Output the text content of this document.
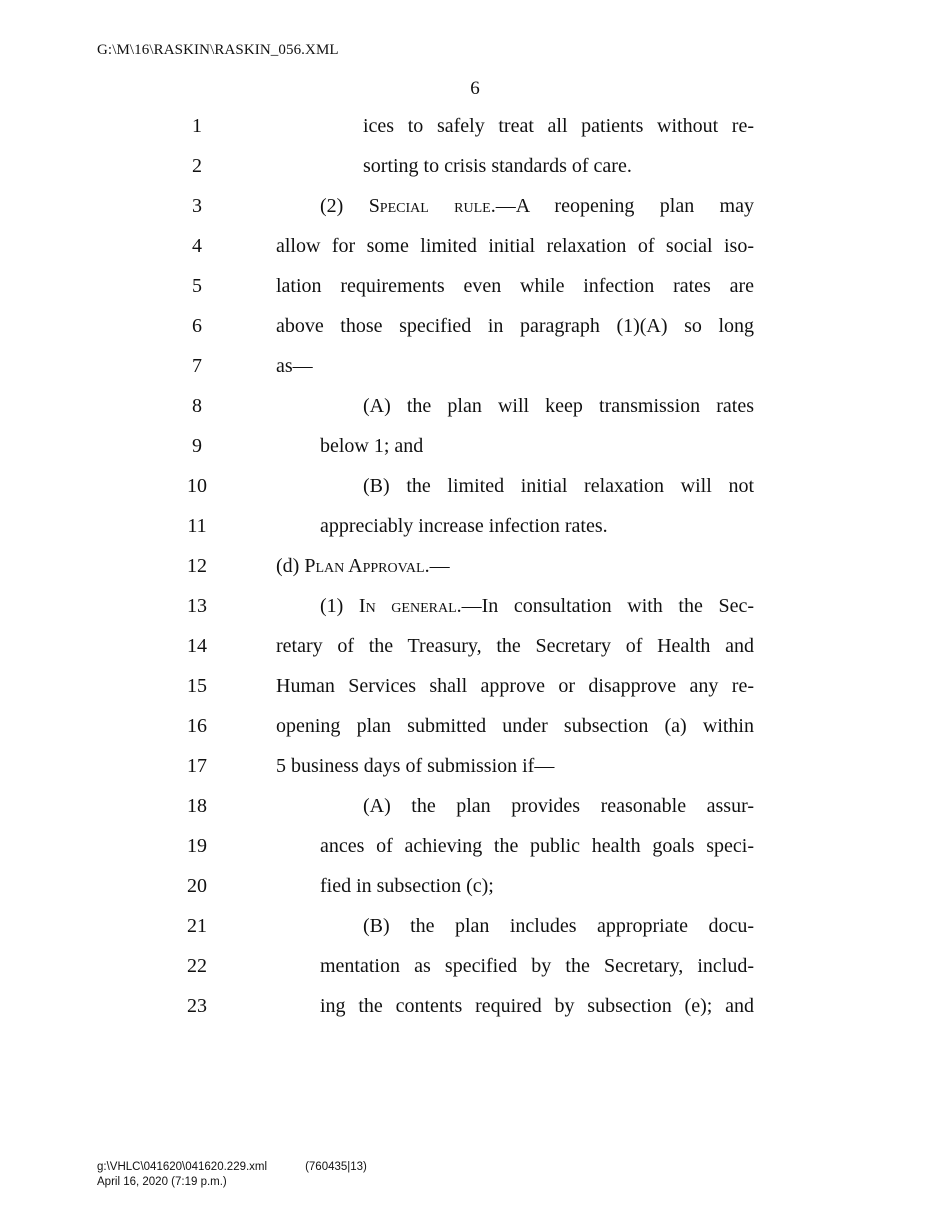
G:\M\16\RASKIN\RASKIN_056.XML
6
1	ices to safely treat all patients without re-
2	sorting to crisis standards of care.
3	(2) Special rule.—A reopening plan may
4	allow for some limited initial relaxation of social iso-
5	lation requirements even while infection rates are
6	above those specified in paragraph (1)(A) so long
7	as—
8	(A) the plan will keep transmission rates
9	below 1; and
10	(B) the limited initial relaxation will not
11	appreciably increase infection rates.
12	(d) Plan Approval.—
13	(1) In general.—In consultation with the Sec-
14	retary of the Treasury, the Secretary of Health and
15	Human Services shall approve or disapprove any re-
16	opening plan submitted under subsection (a) within
17	5 business days of submission if—
18	(A) the plan provides reasonable assur-
19	ances of achieving the public health goals speci-
20	fied in subsection (c);
21	(B) the plan includes appropriate docu-
22	mentation as specified by the Secretary, includ-
23	ing the contents required by subsection (e); and
g:\VHLC\041620\041620.229.xml	(760435|13)
April 16, 2020 (7:19 p.m.)
